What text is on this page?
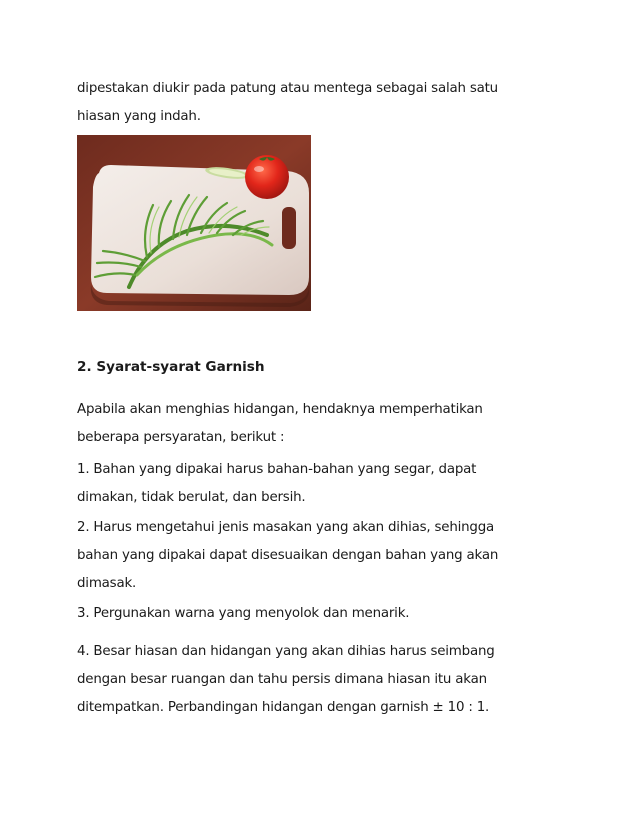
dipestakan diukir pada patung atau mentega sebagai salah satu
hiasan yang indah.

2. Syarat-syarat Garnish

Apabila akan menghias hidangan, hendaknya memperhatikan
beberapa persyaratan, berikut :

1. Bahan yang dipakai harus bahan-bahan yang segar, dapat
dimakan, tidak berulat, dan bersih.

2. Harus mengetahui jenis masakan yang akan dihias, sehingga
bahan yang dipakai dapat disesuaikan dengan bahan yang akan
dimasak.

3. Pergunakan warna yang menyolok dan menarik.

4. Besar hiasan dan hidangan yang akan dihias harus seimbang
dengan besar ruangan dan tahu persis dimana hiasan itu akan
ditempatkan. Perbandingan hidangan dengan garnish ± 10 : 1.
